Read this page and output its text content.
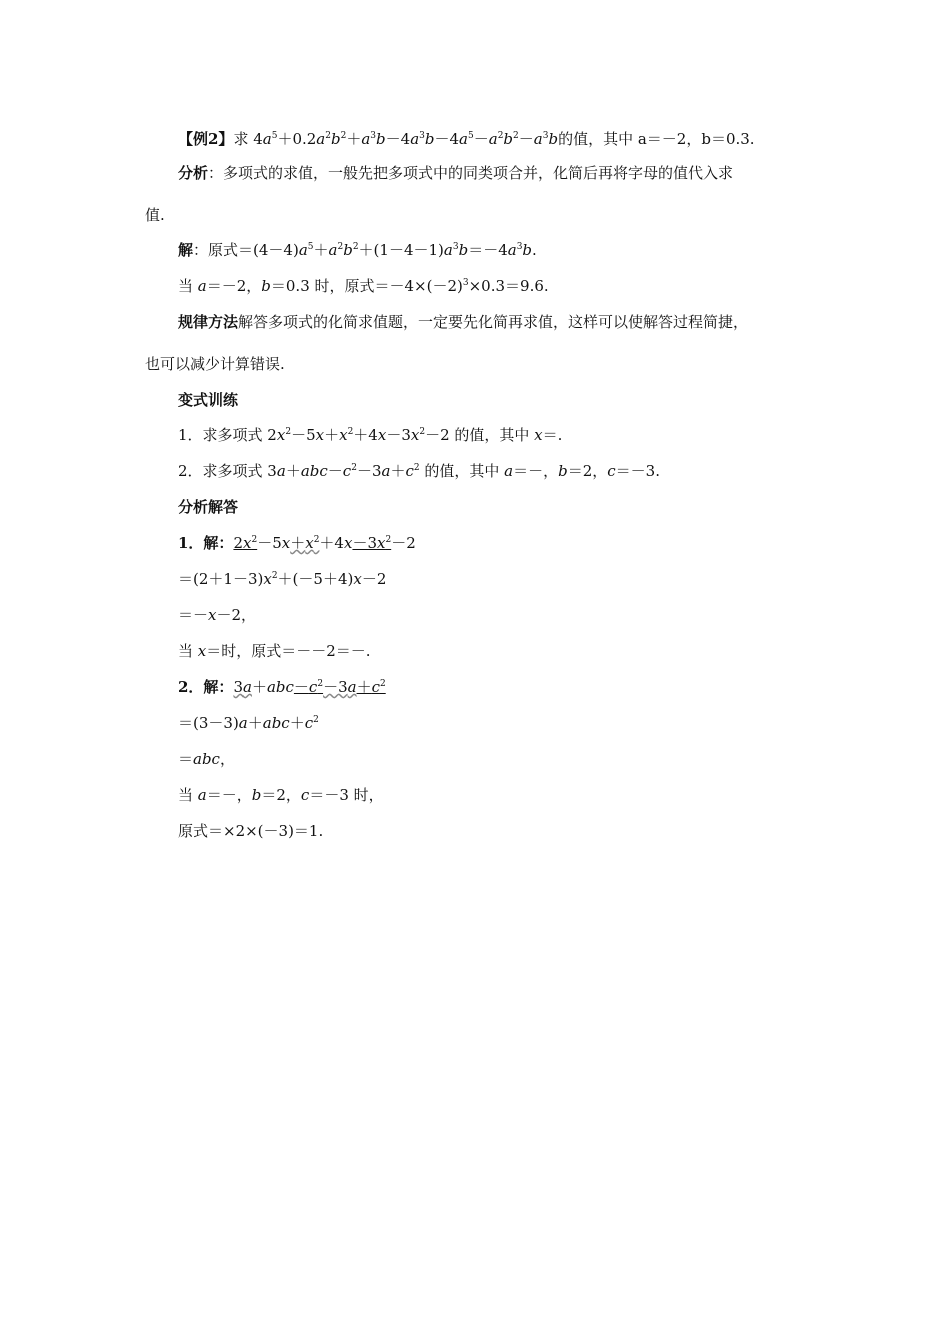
【例2】求 $4a^5+0.2a^2b^2+a^3b-4a^3b-4a^5-a^2b^2-a^3b$的值，其中 a＝－2，b＝0.3.
分析：多项式的求值，一般先把多项式中的同类项合并，化简后再将字母的值代入求
值.
解：原式$=(4-4)a^5+a^2b^2+(1-4-1)a^3b=-4a^3b$.
当 a＝－2，b＝0.3 时，原式$=-4\times(-2)^3\times 0.3=9.6$.
规律方法解答多项式的化简求值题，一定要先化简再求值，这样可以使解答过程简捷，
也可以减少计算错误.
变式训练
1．求多项式 $2x^2-5x+x^2+4x-3x^2-2$ 的值，其中 x＝.
2．求多项式 $3a+abc-c^2-3a+c^2$ 的值，其中 a＝－，b＝2，c＝－3.
分析解答
1．解：$2x^2-5x+x^2+4x-3x^2-2$
$=(2+1-3)x^2+(-5+4)x-2$
＝－x－2，
当 x＝时，原式＝－－2＝－.
2．解：$3a+abc-c^2-3a+c^2$
$=(3-3)a+abc+c^2$
＝abc，
当 a＝－，b＝2，c＝－3 时，
原式＝×2×(－3)＝1.
